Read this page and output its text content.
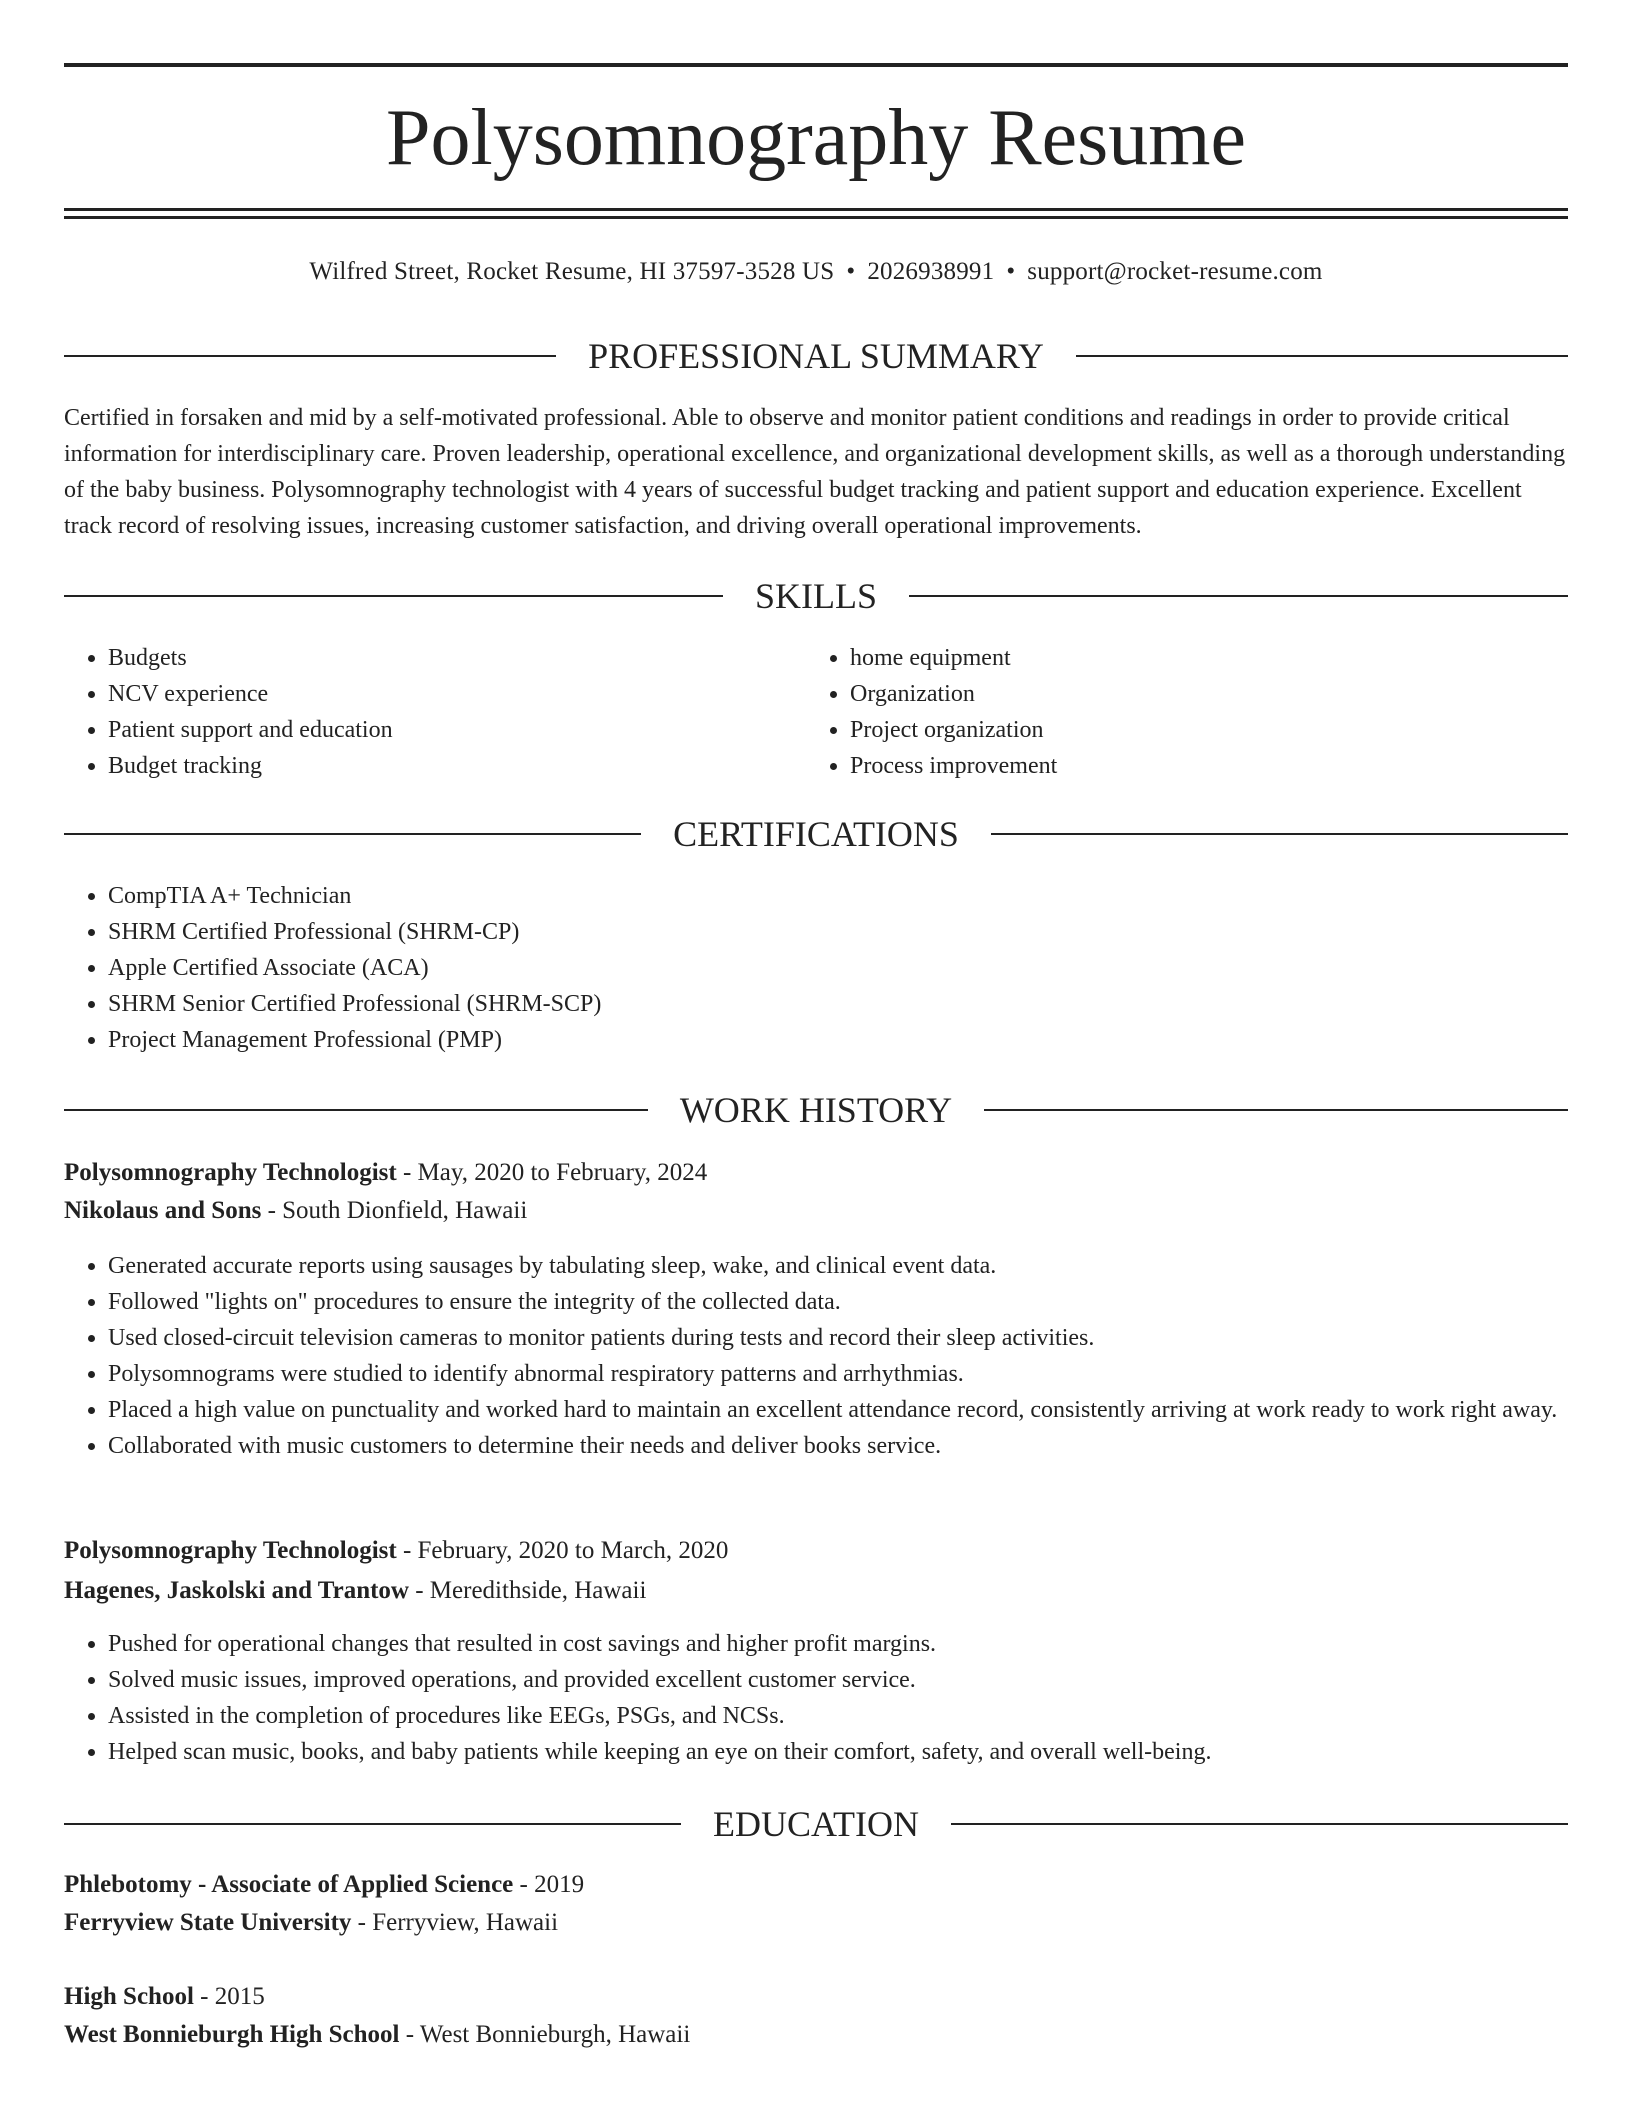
Polysomnography Resume
Wilfred Street, Rocket Resume, HI 37597-3528 US • 2026938991 • support@rocket-resume.com
PROFESSIONAL SUMMARY

Certified in forsaken and mid by a self-motivated professional. Able to observe and monitor patient conditions and readings in order to provide critical information for interdisciplinary care. Proven leadership, operational excellence, and organizational development skills, as well as a thorough understanding of the baby business. Polysomnography technologist with 4 years of successful budget tracking and patient support and education experience. Excellent track record of resolving issues, increasing customer satisfaction, and driving overall operational improvements.

SKILLS
• Budgets
• NCV experience
• Patient support and education
• Budget tracking
• home equipment
• Organization
• Project organization
• Process improvement
CERTIFICATIONS
• CompTIA A+ Technician
• SHRM Certified Professional (SHRM-CP)
• Apple Certified Associate (ACA)
• SHRM Senior Certified Professional (SHRM-SCP)
• Project Management Professional (PMP)
WORK HISTORY
Polysomnography Technologist - May, 2020 to February, 2024
Nikolaus and Sons - South Dionfield, Hawaii
• Generated accurate reports using sausages by tabulating sleep, wake, and clinical event data.
• Followed "lights on" procedures to ensure the integrity of the collected data.
• Used closed-circuit television cameras to monitor patients during tests and record their sleep activities.
• Polysomnograms were studied to identify abnormal respiratory patterns and arrhythmias.
• Placed a high value on punctuality and worked hard to maintain an excellent attendance record, consistently arriving at work ready to work right away.
• Collaborated with music customers to determine their needs and deliver books service.
Polysomnography Technologist - February, 2020 to March, 2020
Hagenes, Jaskolski and Trantow - Meredithside, Hawaii
• Pushed for operational changes that resulted in cost savings and higher profit margins.
• Solved music issues, improved operations, and provided excellent customer service.
• Assisted in the completion of procedures like EEGs, PSGs, and NCSs.
• Helped scan music, books, and baby patients while keeping an eye on their comfort, safety, and overall well-being.
EDUCATION
Phlebotomy - Associate of Applied Science - 2019
Ferryview State University - Ferryview, Hawaii
High School - 2015
West Bonnieburgh High School - West Bonnieburgh, Hawaii
